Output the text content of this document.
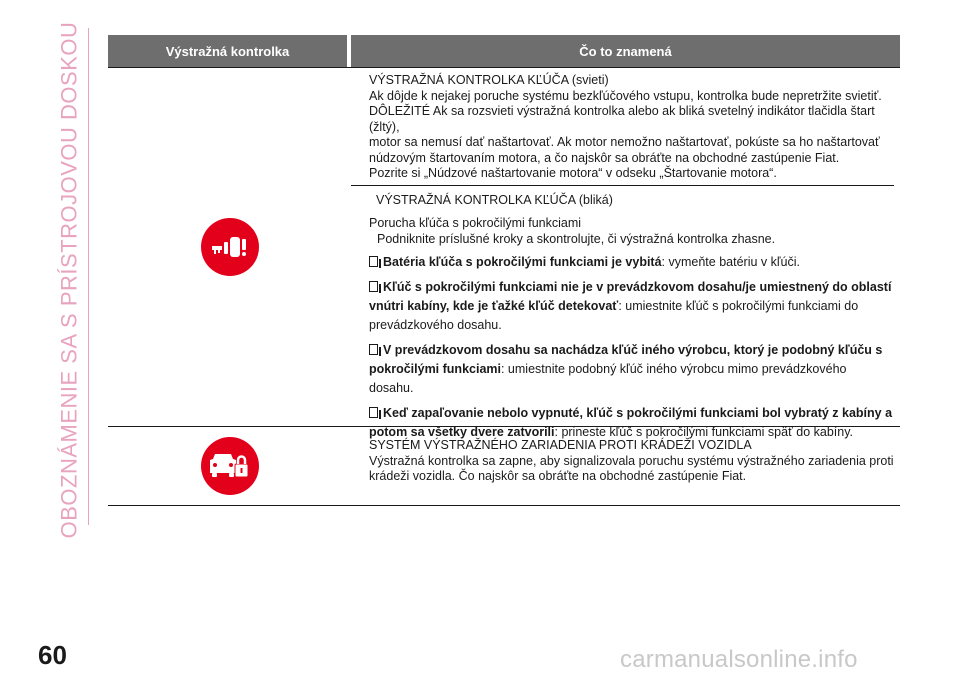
OBOZNÁMENIE SA S PRÍSTROJOVOU DOSKOU	Výstražná kontrolka	Čo to znamená

VÝSTRAŽNÁ KONTROLKA KĽÚČA (svieti)

Ak dôjde k nejakej poruche systému bezkľúčového vstupu, kontrolka bude nepretržite svietiť.

DÔLEŽITÉ Ak sa rozsvieti výstražná kontrolka alebo ak bliká svetelný indikátor tlačidla štart (žltý),

motor sa nemusí dať naštartovať. Ak motor nemožno naštartovať, pokúste sa ho naštartovať

núdzovým štartovaním motora, a čo najskôr sa obráťte na obchodné zastúpenie Fiat.

Pozrite si „Núdzové naštartovanie motora“ v odseku „Štartovanie motora“.

VÝSTRAŽNÁ KONTROLKA KĽÚČA (bliká)

Porucha kľúča s pokročilými funkciami

Podniknite príslušné kroky a skontrolujte, či výstražná kontrolka zhasne.

Batéria kľúča s pokročilými funkciami je vybitá: vymeňte batériu v kľúči.
Kľúč s pokročilými funkciami nie je v prevádzkovom dosahu/je umiestnený do oblastí vnútri kabíny, kde je ťažké kľúč detekovať: umiestnite kľúč s pokročilými funkciami do prevádzkového dosahu.
V prevádzkovom dosahu sa nachádza kľúč iného výrobcu, ktorý je podobný kľúču s pokročilými funkciami: umiestnite podobný kľúč iného výrobcu mimo prevádzkového dosahu.
Keď zapaľovanie nebolo vypnuté, kľúč s pokročilými funkciami bol vybratý z kabíny a potom sa všetky dvere zatvorili: prineste kľúč s pokročilými funkciami späť do kabíny.

SYSTÉM VÝSTRAŽNÉHO ZARIADENIA PROTI KRÁDEŽI VOZIDLA

Výstražná kontrolka sa zapne, aby signalizovala poruchu systému výstražného zariadenia proti

krádeži vozidla. Čo najskôr sa obráťte na obchodné zastúpenie Fiat.

60	carmanualsonline.info
